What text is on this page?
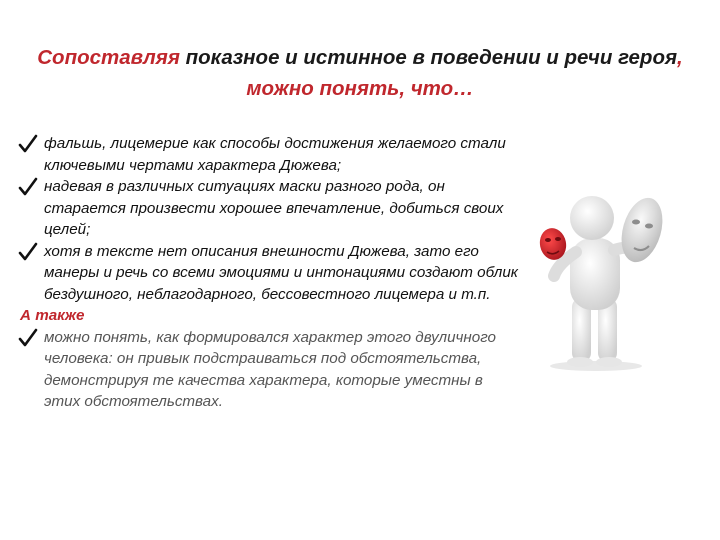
Сопоставляя показное и истинное в поведении и речи героя, можно понять, что…
фальшь, лицемерие как способы достижения желаемого стали ключевыми чертами характера Дюжева;
надевая в различных ситуациях маски разного рода, он старается произвести хорошее впечатление, добиться своих целей;
хотя в тексте нет описания внешности Дюжева, зато его манеры и речь со всеми эмоциями и интонациями создают облик бездушного, неблагодарного, бессовестного лицемера и т.п.
А также
можно понять, как формировался характер этого двуличного человека: он привык подстраиваться под обстоятельства, демонстрируя те качества характера, которые уместны в этих обстоятельствах.
